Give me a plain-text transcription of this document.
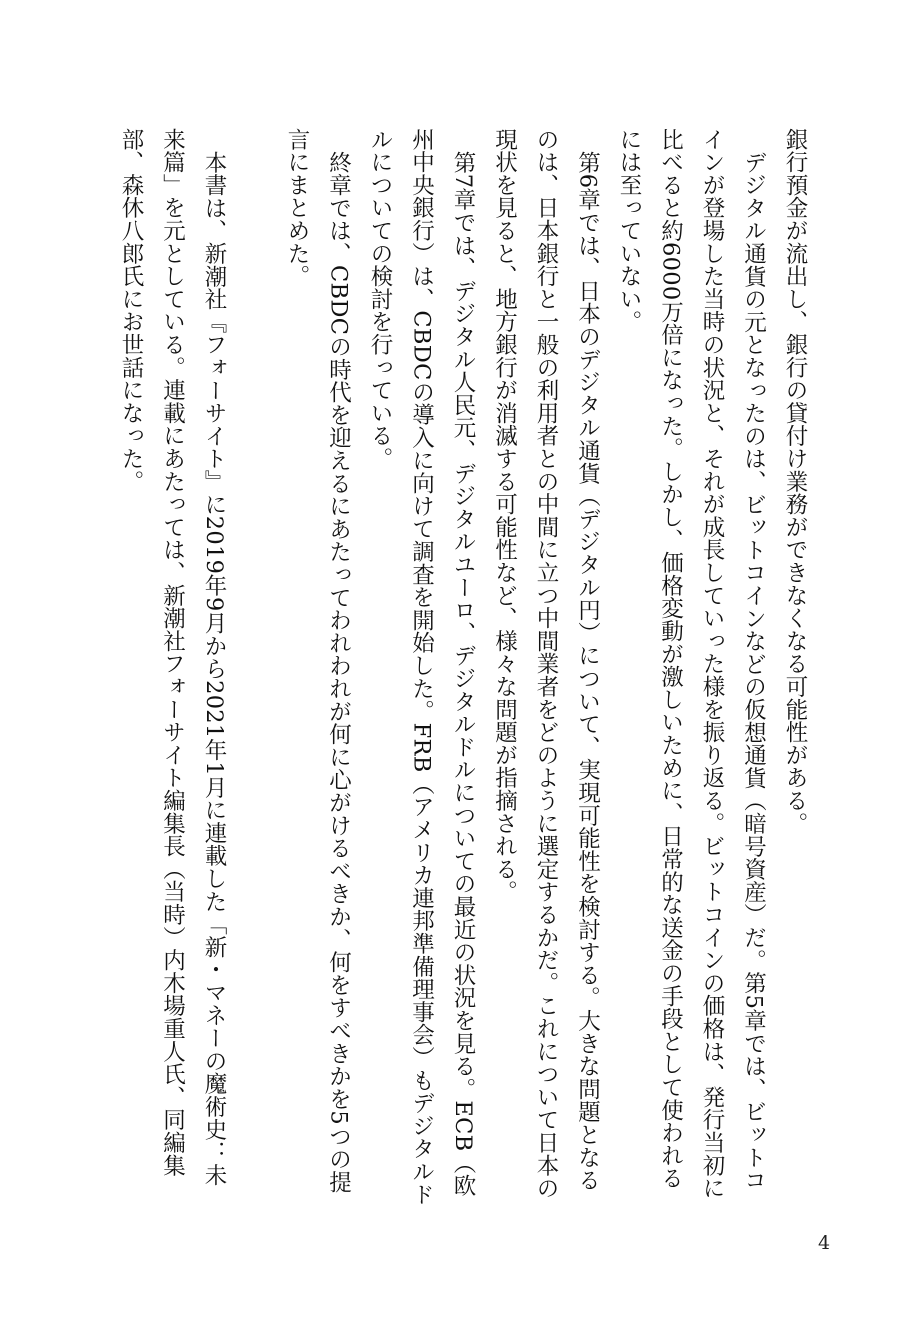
銀行預金が流出し、銀行の貸付け業務ができなくなる可能性がある。

デジタル通貨の元となったのは、ビットコインなどの仮想通貨（暗号資産）だ。第5章では、ビットコインが登場した当時の状況と、それが成長していった様を振り返る。ビットコインの価格は、発行当初に比べると約6000万倍になった。しかし、価格変動が激しいために、日常的な送金の手段として使われるには至っていない。

第6章では、日本のデジタル通貨（デジタル円）について、実現可能性を検討する。大きな問題となるのは、日本銀行と一般の利用者との中間に立つ中間業者をどのように選定するかだ。これについて日本の現状を見ると、地方銀行が消滅する可能性など、様々な問題が指摘される。

第7章では、デジタル人民元、デジタルユーロ、デジタルドルについての最近の状況を見る。ECB（欧州中央銀行）は、CBDCの導入に向けて調査を開始した。FRB（アメリカ連邦準備理事会）もデジタルドルについての検討を行っている。

終章では、CBDCの時代を迎えるにあたってわれわれが何に心がけるべきか、何をすべきかを5つの提言にまとめた。

本書は、新潮社『フォーサイト』に2019年9月から2021年1月に連載した「新・マネーの魔術史：未来篇」を元としている。連載にあたっては、新潮社フォーサイト編集長（当時）内木場重人氏、同編集部、森休八郎氏にお世話になった。

4
